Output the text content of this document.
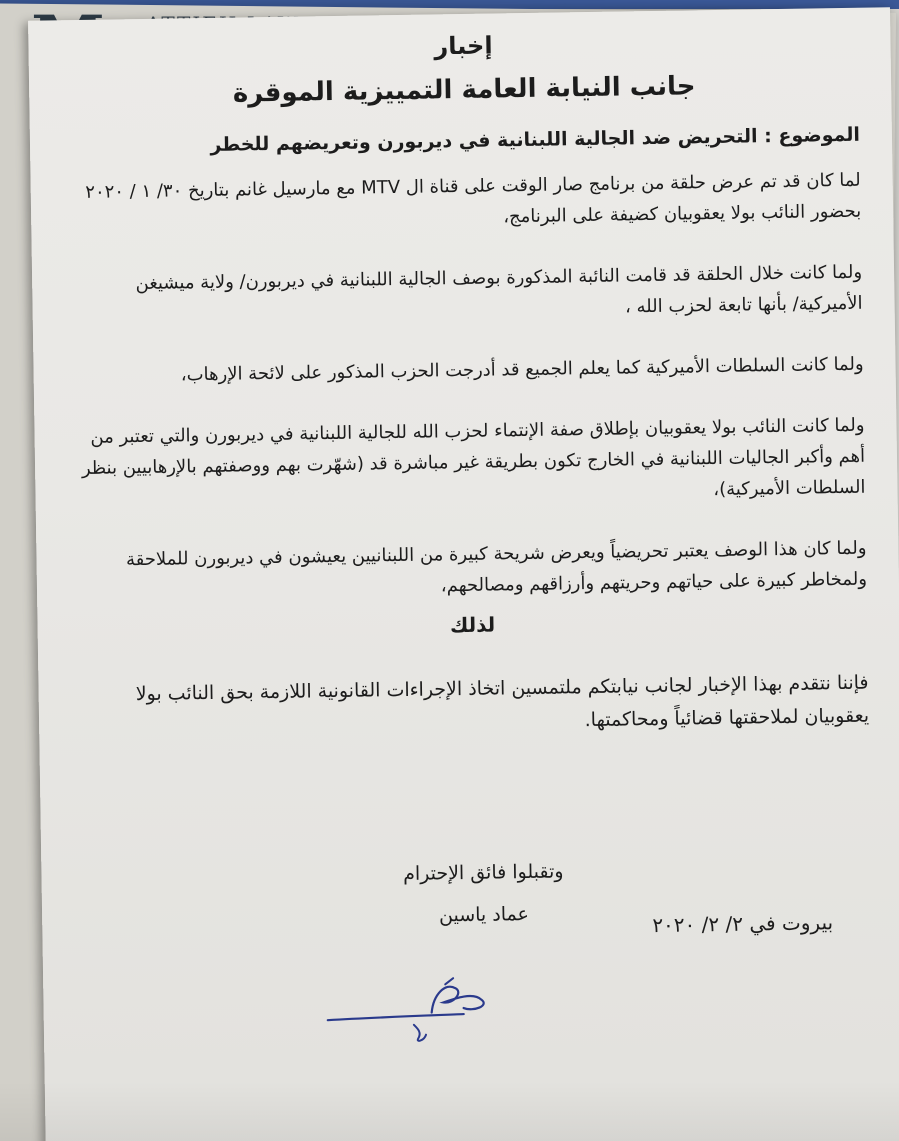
إخبار

جانب النيابة العامة التمييزية الموقرة

الموضوع : التحريض ضد الجالية اللبنانية في ديربورن وتعريضهم للخطر

لما كان قد تم عرض حلقة من برنامج صار الوقت على قناة ال MTV مع مارسيل غانم بتاريخ ٣٠/ ١ / ٢٠٢٠ بحضور النائب بولا يعقوبيان كضيفة على البرنامج،

ولما كانت خلال الحلقة قد قامت النائبة المذكورة بوصف الجالية اللبنانية في ديربورن/ ولاية ميشيغن الأميركية/ بأنها تابعة لحزب الله ،

ولما كانت السلطات الأميركية كما يعلم الجميع قد أدرجت الحزب المذكور على لائحة الإرهاب،

ولما كانت النائب بولا يعقوبيان بإطلاق صفة الإنتماء لحزب الله للجالية اللبنانية في ديربورن والتي تعتبر من أهم وأكبر الجاليات اللبنانية في الخارج تكون بطريقة غير مباشرة قد (شهّرت بهم ووصفتهم بالإرهابيين بنظر السلطات الأميركية)،

ولما كان هذا الوصف يعتبر تحريضياً ويعرض شريحة كبيرة من اللبنانيين يعيشون في ديربورن للملاحقة ولمخاطر كبيرة على حياتهم وحريتهم وأرزاقهم ومصالحهم،

لذلك

فإننا نتقدم بهذا الإخبار لجانب نيابتكم ملتمسين اتخاذ الإجراءات القانونية اللازمة بحق النائب بولا يعقوبيان لملاحقتها قضائياً ومحاكمتها.

وتقبلوا فائق الإحترام
عماد ياسين	بيروت في ٢/ ٢/ ٢٠٢٠
